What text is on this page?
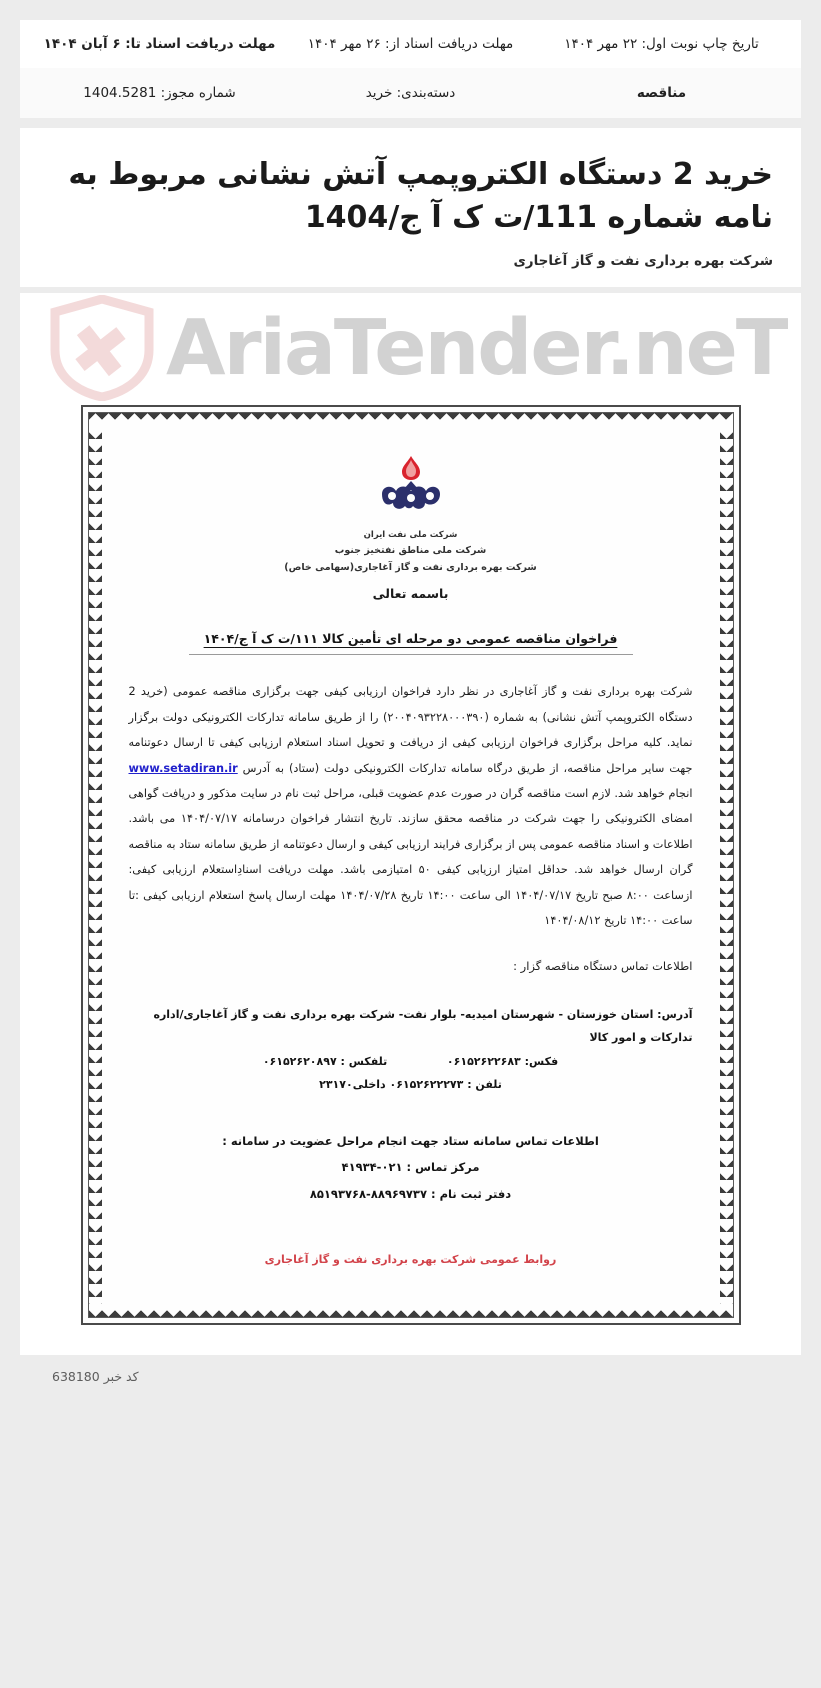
تاریخ چاپ نوبت اول: ۲۲ مهر ۱۴۰۴
مهلت دریافت اسناد از: ۲۶ مهر ۱۴۰۴
مهلت دریافت اسناد تا: ۶ آبان ۱۴۰۴
مناقصه
دسته‌بندی: خرید
شماره مجوز: 1404.5281
خرید 2 دستگاه الکتروپمپ آتش نشانی مربوط به نامه شماره 111/ت ک آ ج/1404
شرکت بهره برداری نفت و گاز آغاجاری
AriaTender.neT
شرکت ملی نفت ایران
شرکت ملی مناطق نفتخیز جنوب
شرکت بهره برداری نفت و گاز آغاجاری(سهامی خاص)
باسمه تعالی
فراخوان مناقصه عمومی دو مرحله ای تأمین کالا ۱۱۱/ت ک آ ج/۱۴۰۴

شرکت بهره برداری نفت و گاز آغاجاری در نظر دارد فراخوان ارزیابی کیفی جهت برگزاری مناقصه عمومی (خرید 2 دستگاه الکتروپمپ آتش نشانی) به شماره (۲۰۰۴۰۹۳۲۲۸۰۰۰۳۹۰) را از طریق سامانه تدارکات الکترونیکی دولت برگزار نماید. کلیه مراحل برگزاری فراخوان ارزیابی کیفی از دریافت و تحویل اسناد استعلام ارزیابی کیفی تا ارسال دعوتنامه جهت سایر مراحل مناقصه، از طریق درگاه سامانه تدارکات الکترونیکی دولت (ستاد) به آدرس www.setadiran.ir انجام خواهد شد. لازم است مناقصه گران در صورت عدم عضویت قبلی، مراحل ثبت نام در سایت مذکور و دریافت گواهی امضای الکترونیکی را جهت شرکت در مناقصه محقق سازند. تاریخ انتشار فراخوان درسامانه ۱۴۰۴/۰۷/۱۷ می باشد. اطلاعات و اسناد مناقصه عمومی پس از برگزاری فرایند ارزیابی کیفی و ارسال دعوتنامه از طریق سامانه ستاد به مناقصه گران ارسال خواهد شد. حداقل امتیاز ارزیابی کیفی ۵۰ امتیازمی باشد. مهلت دریافت اسنادِاستعلام ارزیابی کیفی: ازساعت ۸:۰۰ صبح تاریخ ۱۴۰۴/۰۷/۱۷ الی ساعت ۱۴:۰۰ تاریخ ۱۴۰۴/۰۷/۲۸ مهلت ارسال پاسخ استعلام ارزیابی کیفی :تا ساعت ۱۴:۰۰ تاریخ ۱۴۰۴/۰۸/۱۲

اطلاعات تماس دستگاه مناقصه گزار :
آدرس: استان خوزستان - شهرستان امیدیه- بلوار نفت- شرکت بهره برداری نفت و گاز آغاجاری/اداره تدارکات و امور کالا
فکس: ۰۶۱۵۲۶۲۲۶۸۳  تلفکس : ۰۶۱۵۲۶۲۰۸۹۷
تلفن : ۰۶۱۵۲۶۲۲۲۷۳ داخلی۲۳۱۷۰
اطلاعات تماس سامانه ستاد جهت انجام مراحل عضویت در سامانه :
مرکز تماس : ۰۲۱-۴۱۹۳۴
دفتر ثبت نام : ۸۸۹۶۹۷۳۷-۸۵۱۹۳۷۶۸
روابط عمومی شرکت بهره برداری نفت و گاز آغاجاری
کد خبر 638180
